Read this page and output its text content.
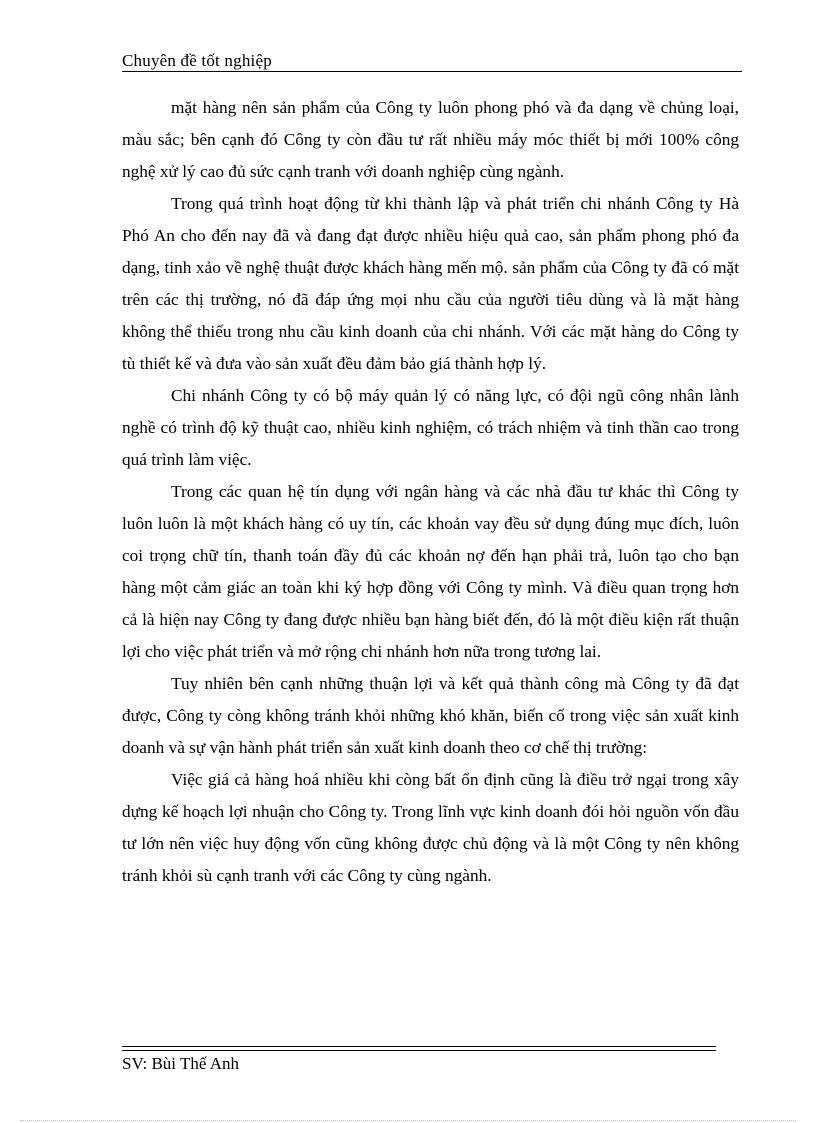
Chuyên đề tốt nghiệp

mặt hàng nên sản phẩm của Công ty luôn phong phó và đa dạng về chủng loại, màu sắc; bên cạnh đó Công ty còn đầu tư rất nhiều máy móc thiết bị mới 100% công nghệ xử lý cao đủ sức cạnh tranh với doanh nghiệp cùng ngành.

Trong quá trình hoạt động từ khi thành lập và phát triển chi nhánh Công ty Hà Phó An cho đến nay đã và đang đạt được nhiều hiệu quả cao, sản phẩm phong phó đa dạng, tinh xảo về nghệ thuật được khách hàng mến mộ. sản phẩm của Công ty đã có mặt trên các thị trường, nó đã đáp ứng mọi nhu cầu của người tiêu dùng và là mặt hàng không thể thiếu trong nhu cầu kinh doanh của chi nhánh. Với các mặt hàng do Công ty tù thiết kế và đưa vào sản xuất đều đảm bảo giá thành hợp lý.

Chi nhánh Công ty có bộ máy quản lý có năng lực, có đội ngũ công nhân lành nghề có trình độ kỹ thuật cao, nhiều kinh nghiệm, có trách nhiệm và tinh thần cao trong quá trình làm việc.

Trong các quan hệ tín dụng với ngân hàng và các nhà đầu tư khác thì Công ty luôn luôn là một khách hàng có uy tín, các khoản vay đều sử dụng đúng mục đích, luôn coi trọng chữ tín, thanh toán đầy đủ các khoản nợ đến hạn phải trả, luôn tạo cho bạn hàng một cảm giác an toàn khi ký hợp đồng với Công ty mình. Và điều quan trọng hơn cả là hiện nay Công ty đang được nhiều bạn hàng biết đến, đó là một điều kiện rất thuận lợi cho việc phát triển và mở rộng chi nhánh hơn nữa trong tương lai.

Tuy nhiên bên cạnh những thuận lợi và kết quả thành công mà Công ty đã đạt được, Công ty còng không tránh khỏi những khó khăn, biến cố trong việc sản xuất kinh doanh và sự vận hành phát triển sản xuất kinh doanh theo cơ chế thị trường:

Việc giá cả hàng hoá nhiều khi còng bất ổn định cũng là điều trở ngại trong xây dựng kế hoạch lợi nhuận cho Công ty. Trong lĩnh vực kinh doanh đói hỏi nguồn vốn đầu tư lớn nên việc huy động vốn cũng không được chủ động và là một Công ty nên không tránh khỏi sù cạnh tranh với các Công ty cùng ngành.

SV: Bùi Thế Anh
